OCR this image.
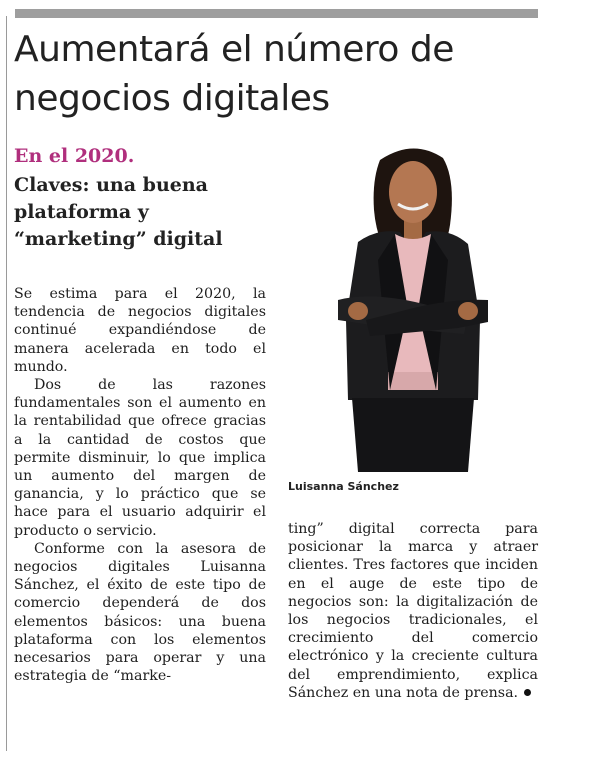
Aumentará el número de negocios digitales
En el 2020.
Claves: una buena plataforma y “marketing” digital
Luisanna Sánchez

Se estima para el 2020, la tendencia de negocios digitales continué expandiéndose de manera acelerada en todo el mundo.

Dos de las razones fundamentales son el aumento en la rentabilidad que ofrece gracias a la cantidad de costos que permite disminuir, lo que implica un aumento del margen de ganancia, y lo práctico que se hace para el usuario adquirir el producto o servicio.

Conforme con la asesora de negocios digitales Luisanna Sánchez, el éxito de este tipo de comercio dependerá de dos elementos básicos: una buena plataforma con los elementos necesarios para operar y una estrategia de “marke-

ting” digital correcta para posicionar la marca y atraer clientes. Tres factores que inciden en el auge de este tipo de negocios son: la digitalización de los negocios tradicionales, el crecimiento del comercio electrónico y la creciente cultura del emprendimiento, explica Sánchez en una nota de prensa.
